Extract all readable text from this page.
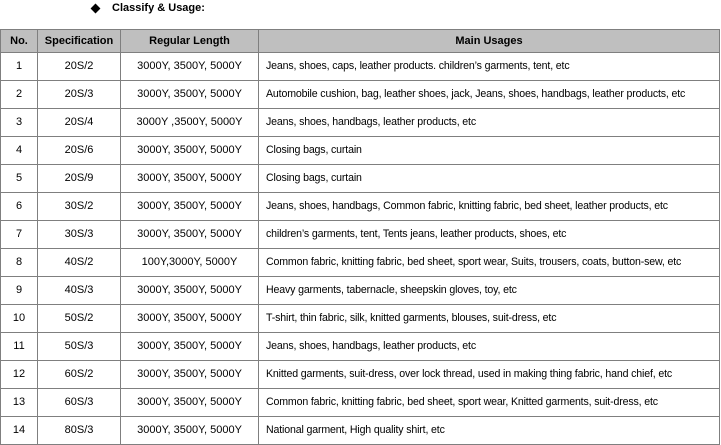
Classify & Usage:
No.	Specification	Regular Length	Main Usages
1	20S/2	3000Y, 3500Y, 5000Y	Jeans, shoes, caps, leather products. children’s garments, tent, etc
2	20S/3	3000Y, 3500Y, 5000Y	Automobile cushion, bag, leather shoes, jack, Jeans, shoes, handbags, leather products, etc
3	20S/4	3000Y ,3500Y, 5000Y	Jeans, shoes, handbags, leather products, etc
4	20S/6	3000Y, 3500Y, 5000Y	Closing bags, curtain
5	20S/9	3000Y, 3500Y, 5000Y	Closing bags, curtain
6	30S/2	3000Y, 3500Y, 5000Y	Jeans, shoes, handbags, Common fabric, knitting fabric, bed sheet, leather products, etc
7	30S/3	3000Y, 3500Y, 5000Y	children’s garments, tent, Tents jeans, leather products, shoes, etc
8	40S/2	100Y,3000Y, 5000Y	Common fabric, knitting fabric, bed sheet, sport wear, Suits, trousers, coats, button-sew, etc
9	40S/3	3000Y, 3500Y, 5000Y	Heavy garments, tabernacle, sheepskin gloves, toy, etc
10	50S/2	3000Y, 3500Y, 5000Y	T-shirt, thin fabric, silk, knitted garments, blouses, suit-dress, etc
11	50S/3	3000Y, 3500Y, 5000Y	Jeans, shoes, handbags, leather products, etc
12	60S/2	3000Y, 3500Y, 5000Y	Knitted garments, suit-dress, over lock thread, used in making thing fabric, hand chief, etc
13	60S/3	3000Y, 3500Y, 5000Y	Common fabric, knitting fabric, bed sheet, sport wear, Knitted garments, suit-dress, etc
14	80S/3	3000Y, 3500Y, 5000Y	National garment, High quality shirt, etc
